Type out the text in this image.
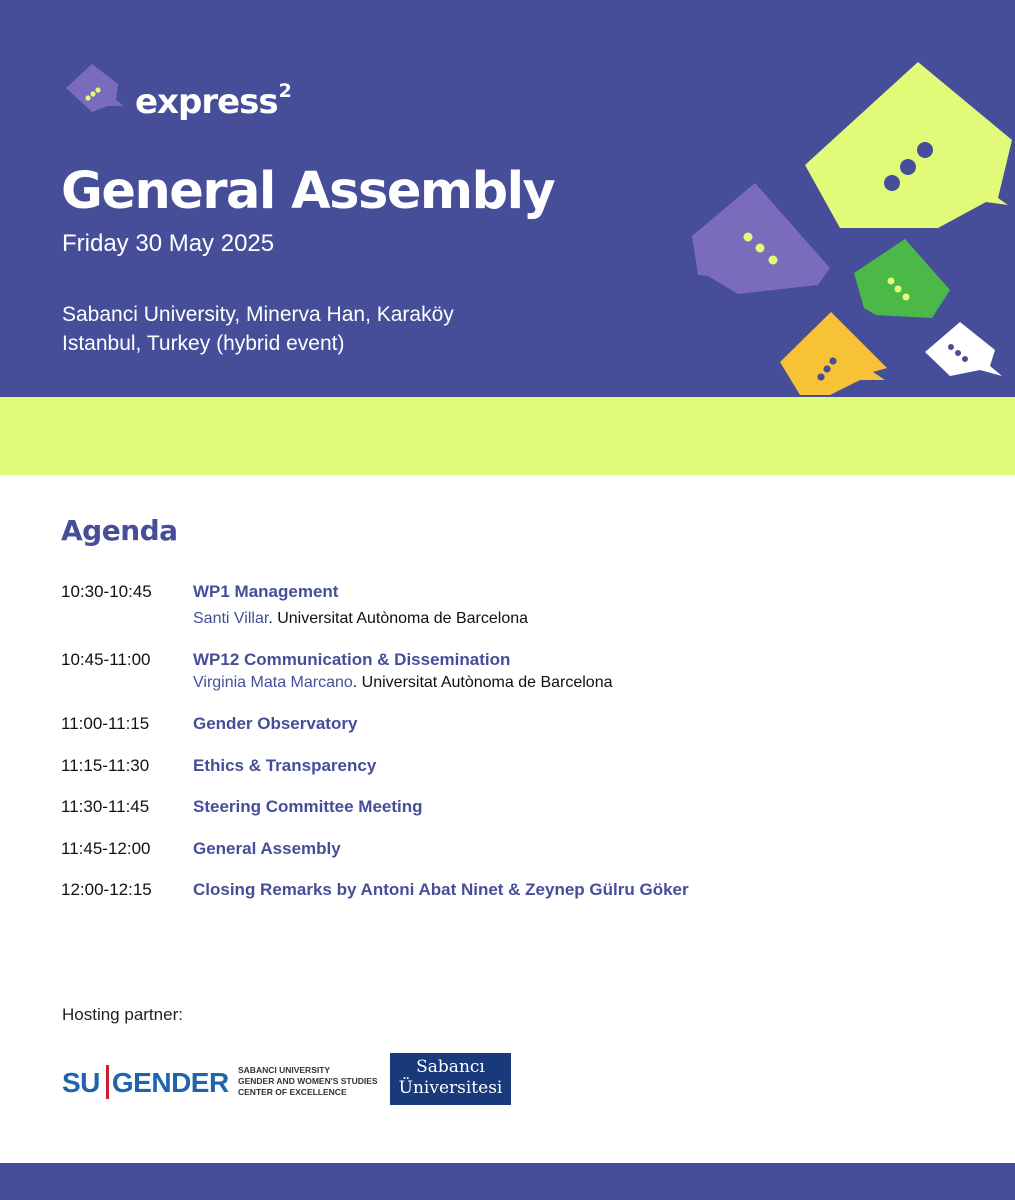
express$^2$
General Assembly
Friday 30 May 2025
Sabanci University, Minerva Han, Karaköy
Istanbul, Turkey (hybrid event)
Agenda
10:30-10:45 WP1 Management
Santi Villar. Universitat Autònoma de Barcelona
10:45-11:00	WP12 Communication & Dissemination
Virginia Mata Marcano. Universitat Autònoma de Barcelona
11:00-11:15	Gender Observatory
11:15-11:30	Ethics & Transparency
11:30-11:45	Steering Committee Meeting
11:45-12:00	General Assembly
12:00-12:15 Closing Remarks by Antoni Abat Ninet & Zeynep Gülru Göker
Hosting partner:
SU GENDER SABANCI UNIVERSITY
GENDER AND WOMEN'S STUDIES
CENTER OF EXCELLENCE
Sabancı
Üniversitesi
